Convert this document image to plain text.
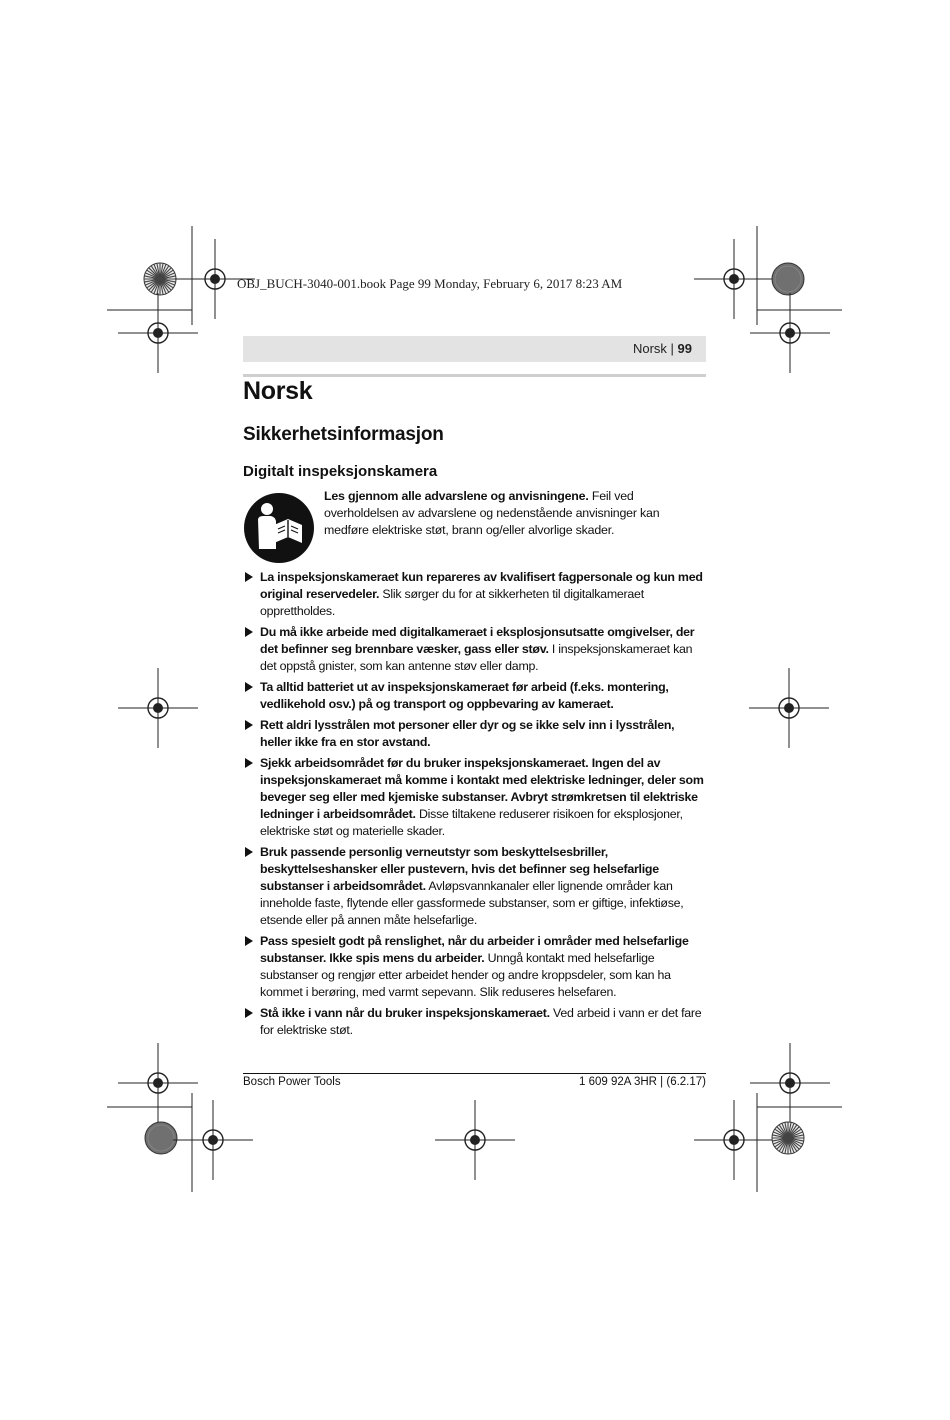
OBJ_BUCH-3040-001.book Page 99 Monday, February 6, 2017 8:23 AM
Norsk | 99
Norsk
Sikkerhetsinformasjon
Digitalt inspeksjonskamera
Les gjennom alle advarslene og anvisningene. Feil ved overholdelsen av advarslene og nedenstående anvisninger kan medføre elektriske støt, brann og/eller alvorlige skader.
La inspeksjonskameraet kun repareres av kvalifisert fagpersonale og kun med original reservedeler. Slik sørger du for at sikkerheten til digitalkameraet opprettholdes.
Du må ikke arbeide med digitalkameraet i eksplosjonsutsatte omgivelser, der det befinner seg brennbare væsker, gass eller støv. I inspeksjonskameraet kan det oppstå gnister, som kan antenne støv eller damp.
Ta alltid batteriet ut av inspeksjonskameraet før arbeid (f.eks. montering, vedlikehold osv.) på og transport og oppbevaring av kameraet.
Rett aldri lysstrålen mot personer eller dyr og se ikke selv inn i lysstrålen, heller ikke fra en stor avstand.
Sjekk arbeidsområdet før du bruker inspeksjonskameraet. Ingen del av inspeksjonskameraet må komme i kontakt med elektriske ledninger, deler som beveger seg eller med kjemiske substanser. Avbryt strømkretsen til elektriske ledninger i arbeidsområdet. Disse tiltakene reduserer risikoen for eksplosjoner, elektriske støt og materielle skader.
Bruk passende personlig verneutstyr som beskyttelsesbriller, beskyttelseshansker eller pustevern, hvis det befinner seg helsefarlige substanser i arbeidsområdet. Avløpsvannkanaler eller lignende områder kan inneholde faste, flytende eller gassformede substanser, som er giftige, infektiøse, etsende eller på annen måte helsefarlige.
Pass spesielt godt på renslighet, når du arbeider i områder med helsefarlige substanser. Ikke spis mens du arbeider. Unngå kontakt med helsefarlige substanser og rengjør etter arbeidet hender og andre kroppsdeler, som kan ha kommet i berøring, med varmt sepevann. Slik reduseres helsefaren.
Stå ikke i vann når du bruker inspeksjonskameraet. Ved arbeid i vann er det fare for elektriske støt.
Bosch Power Tools	1 609 92A 3HR | (6.2.17)
